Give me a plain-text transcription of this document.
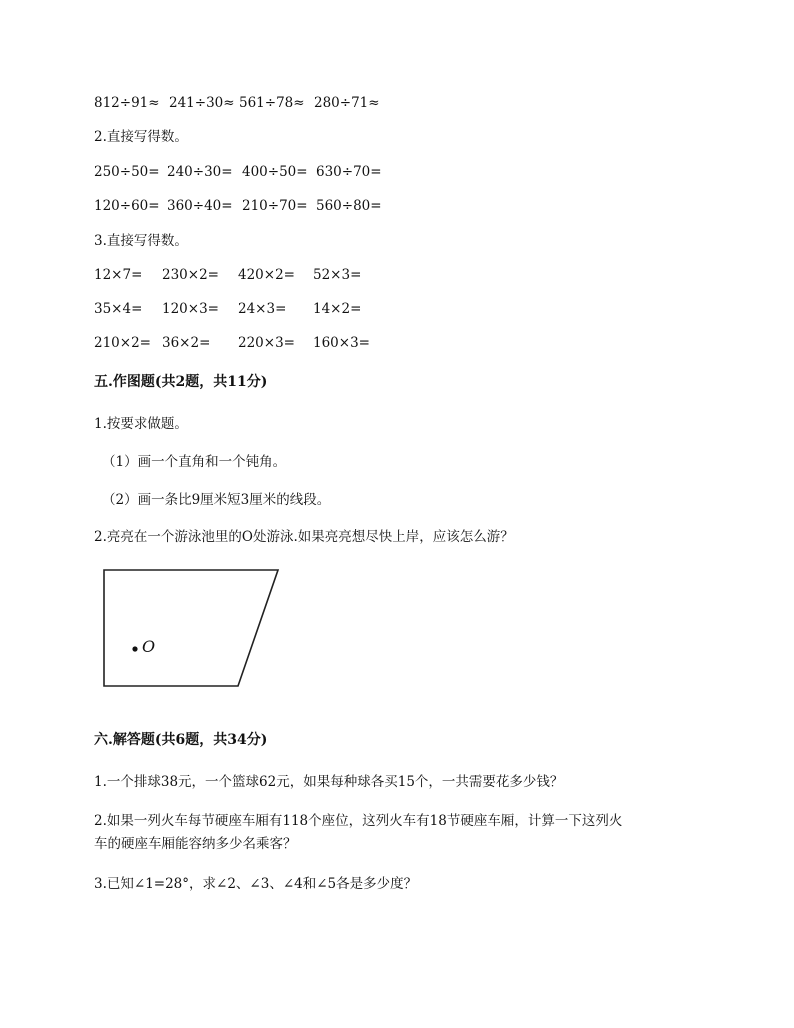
812÷91≈ 241÷30≈ 561÷78≈ 280÷71≈
2.直接写得数。
250÷50= 240÷30= 400÷50= 630÷70=
120÷60= 360÷40= 210÷70= 560÷80=
3.直接写得数。
12×7= 230×2= 420×2= 52×3=
35×4= 120×3= 24×3= 14×2=
210×2= 36×2= 220×3= 160×3=
五.作图题(共2题，共11分)
1.按要求做题。
（1）画一个直角和一个钝角。
（2）画一条比9厘米短3厘米的线段。
2.亮亮在一个游泳池里的O处游泳.如果亮亮想尽快上岸，应该怎么游？
O
六.解答题(共6题，共34分)
1.一个排球38元，一个篮球62元，如果每种球各买15个，一共需要花多少钱？
2.如果一列火车每节硬座车厢有118个座位，这列火车有18节硬座车厢，计算一下这列火
车的硬座车厢能容纳多少名乘客？
3.已知∠1=28°，求∠2、∠3、∠4和∠5各是多少度？
